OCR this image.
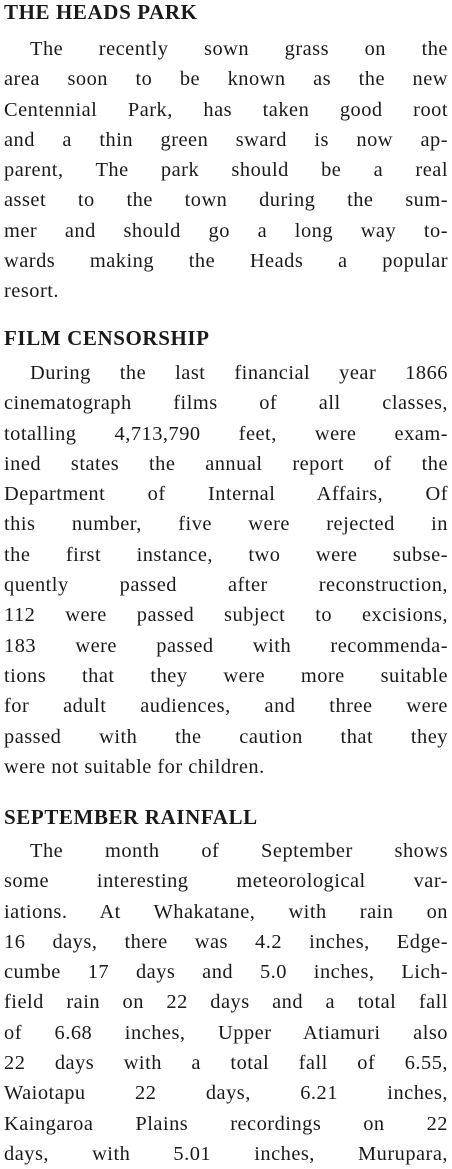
THE HEADS PARK
The recently sown grass on the
area soon to be known as the new
Centennial Park, has taken good root
and a thin green sward is now ap-
parent, The park should be a real
asset to the town during the sum-
mer and should go a long way to-
wards making the Heads a popular
resort.
FILM CENSORSHIP
During the last financial year 1866
cinematograph films of all classes,
totalling 4,713,790 feet, were exam-
ined states the annual report of the
Department of Internal Affairs, Of
this number, five were rejected in
the first instance, two were subse-
quently passed after reconstruction,
112 were passed subject to excisions,
183 were passed with recommenda-
tions that they were more suitable
for adult audiences, and three were
passed with the caution that they
were not suitable for children.
SEPTEMBER RAINFALL
The month of September shows
some interesting meteorological var-
iations. At Whakatane, with rain on
16 days, there was 4.2 inches, Edge-
cumbe 17 days and 5.0 inches, Lich-
field rain on 22 days and a total fall
of 6.68 inches, Upper Atiamuri also
22 days with a total fall of 6.55,
Waiotapu 22 days, 6.21 inches,
Kaingaroa Plains recordings on 22
days, with 5.01 inches, Murupara,
